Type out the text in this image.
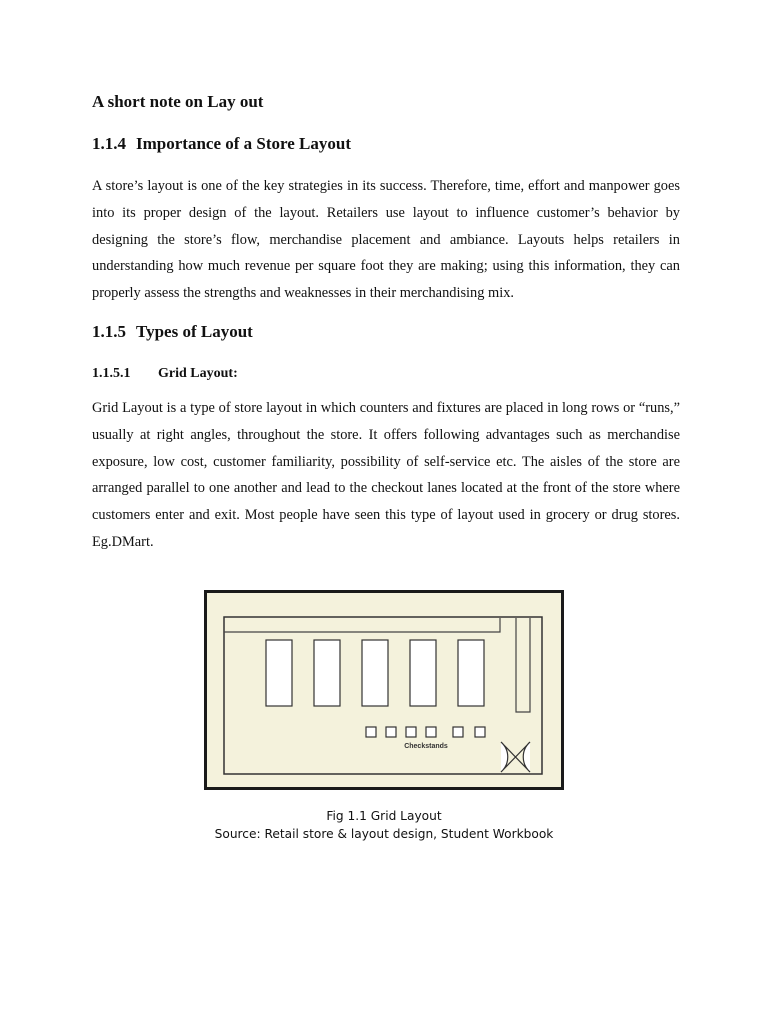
A short note on Lay out
1.1.4 Importance of a Store Layout

A store’s layout is one of the key strategies in its success. Therefore, time, effort and manpower goes into its proper design of the layout. Retailers use layout to influence customer’s behavior by designing the store’s flow, merchandise placement and ambiance. Layouts helps retailers in understanding how much revenue per square foot they are making; using this information, they can properly assess the strengths and weaknesses in their merchandising mix.

1.1.5 Types of Layout
1.1.5.1 Grid Layout:

Grid Layout is a type of store layout in which counters and fixtures are placed in long rows or “runs,” usually at right angles, throughout the store. It offers following advantages such as merchandise exposure, low cost, customer familiarity, possibility of self-service etc. The aisles of the store are arranged parallel to one another and lead to the checkout lanes located at the front of the store where customers enter and exit. Most people have seen this type of layout used in grocery or drug stores. Eg.DMart.

Checkstands

Fig 1.1 Grid Layout

Source: Retail store & layout design, Student Workbook
